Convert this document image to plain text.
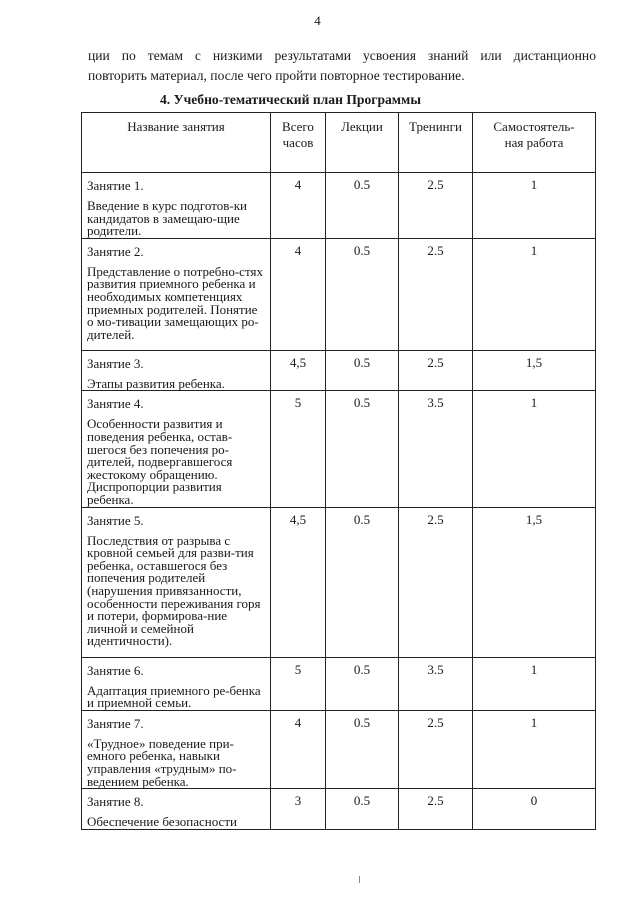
4
ции по темам с низкими результатами усвоения знаний или дистанционно
повторить материал, после чего пройти повторное тестирование.
4. Учебно-тематический план Программы
Название занятия	Всего часов	Лекции	Тренинги	Самостоятель-ная работа

Занятие 1.
Введение в курс подготов-ки кандидатов в замещаю-щие родители.	4	0.5	2.5	1

Занятие 2.
Представление о потребно-стях развития приемного ребенка и необходимых компетенциях приемных родителей. Понятие о мо-тивации замещающих ро-дителей.	4	0.5	2.5	1

Занятие 3.
Этапы развития ребенка.	4,5	0.5	2.5	1,5

Занятие 4.
Особенности развития и поведения ребенка, остав-шегося без попечения ро-дителей, подвергавшегося жестокому обращению. Диспропорции развития ребенка.	5	0.5	3.5	1

Занятие 5.
Последствия от разрыва с кровной семьей для разви-тия ребенка, оставшегося без попечения родителей (нарушения привязанности, особенности переживания горя и потери, формирова-ние личной и семейной идентичности).	4,5	0.5	2.5	1,5

Занятие 6.
Адаптация приемного ре-бенка и приемной семьи.	5	0.5	3.5	1

Занятие 7.
«Трудное» поведение при-емного ребенка, навыки управления «трудным» по-ведением ребенка.	4	0.5	2.5	1

Занятие 8.
Обеспечение безопасности	3	0.5	2.5	0
